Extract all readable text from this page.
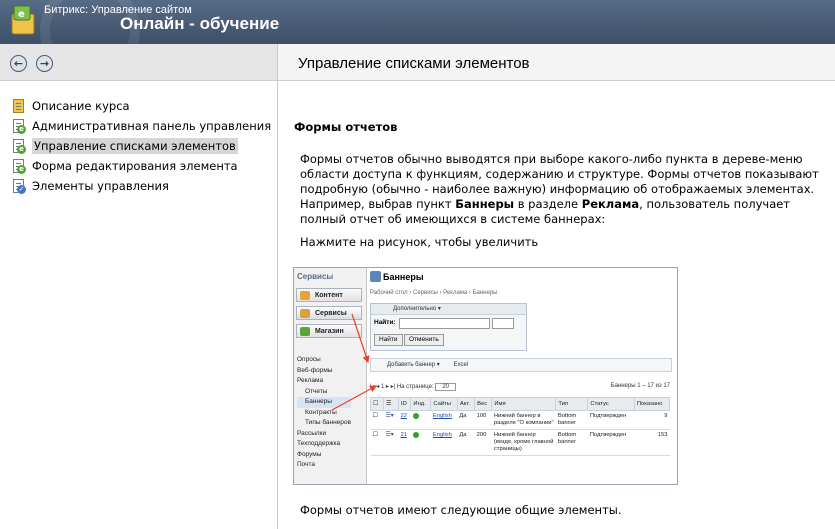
e Битрикс: Управление сайтом
Онлайн - обучение
←	→
Описание курса
e Административная панель управления
e Управление списками элементов
e Форма редактирования элемента
✓ Элементы управления
Управление списками элементов
Формы отчетов
Формы отчетов обычно выводятся при выборе какого-либо пункта в дереве-меню области доступа к функциям, содержанию и структуре. Формы отчетов показывают подробную (обычно - наиболее важную) информацию об отображаемых элементах. Например, выбрав пункт Баннеры в разделе Реклама, пользователь получает полный отчет об имеющихся в системе баннерах:
Нажмите на рисунок, чтобы увеличить
Сервисы
Контент
Сервисы
Магазин
Опросы
Веб-формы
Реклама
Отчеты
Баннеры
Контракты
Типы баннеров
Рассылки
Техподдержка
Форумы
Почта
Баннеры
Рабочий стол › Сервисы › Реклама › Баннеры
Дополнительно ▾
Найти:
Найти	Отменить
Добавить баннер ▾ Excel
|◂ ◂ 1 ▸ ▸| На странице: 20	Баннеры 1 – 17 из 17
☐	☰	ID	Инд.	Сайты	Акт.	Вес	Имя	Тип	Статус	Показано
☐	☰▾	22		English	Да	100	Нижний баннер в разделе "О компании"	Bottom banner	Подтвержден	9
☐	☰▾	21		English	Да	200	Нижний баннер (везде, кроме главной страницы)	Bottom banner	Подтвержден	153
Формы отчетов имеют следующие общие элементы.
